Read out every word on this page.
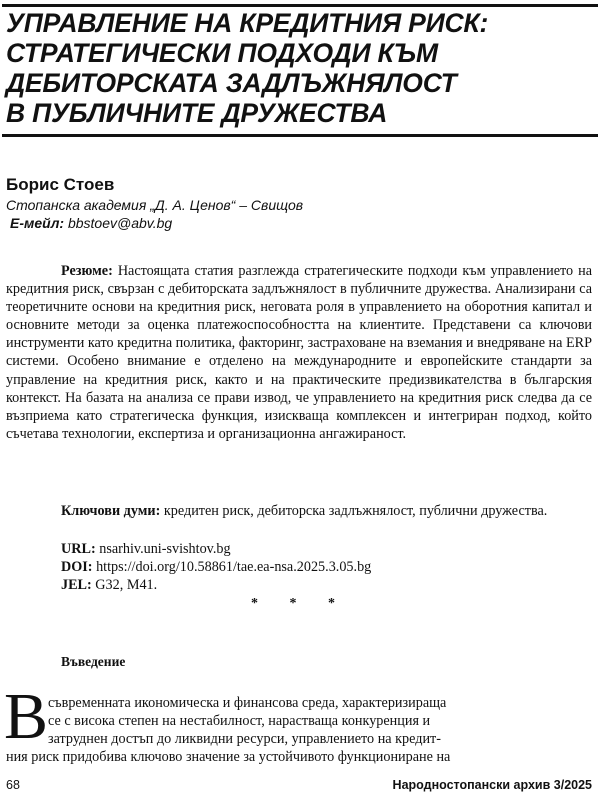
УПРАВЛЕНИЕ НА КРЕДИТНИЯ РИСК:
СТРАТЕГИЧЕСКИ ПОДХОДИ КЪМ
ДЕБИТОРСКАТА ЗАДЛЪЖНЯЛОСТ
В ПУБЛИЧНИТЕ ДРУЖЕСТВА

Борис Стоев

Стопанска академия „Д. А. Ценов“ – Свищов

Е-мейл: bbstoev@abv.bg

Резюме: Настоящата статия разглежда стратегическите подходи към управлението на кредитния риск, свързан с дебиторската задлъжнялост в публичните дружества. Анализирани са теоретичните основи на кредитния риск, неговата роля в управлението на оборотния капитал и основните методи за оценка платежоспособността на клиентите. Представени са ключови инструменти като кредитна политика, факторинг, застраховане на вземания и внедряване на ERP системи. Особено внимание е отделено на международните и европейските стандарти за управление на кредитния риск, както и на практическите предизвикателства в българския контекст. На базата на анализа се прави извод, че управлението на кредитния риск следва да се възприема като стратегическа функция, изискваща комплексен и интегриран подход, който съчетава технологии, експертиза и организационна ангажираност.

Ключови думи: кредитен риск, дебиторска задлъжнялост, публични дружества.

URL: nsarhiv.uni-svishtov.bg

DOI: https://doi.org/10.58861/tae.ea-nsa.2025.3.05.bg

JEL: G32, M41.

* * *
Въведение
В съвременната икономическа и финансова среда, характеризираща
се с висока степен на нестабилност, нарастваща конкуренция и
затруднен достъп до ликвидни ресурси, управлението на кредит-
ния риск придобива ключово значение за устойчивото функциониране на

68	Народностопански архив 3/2025
